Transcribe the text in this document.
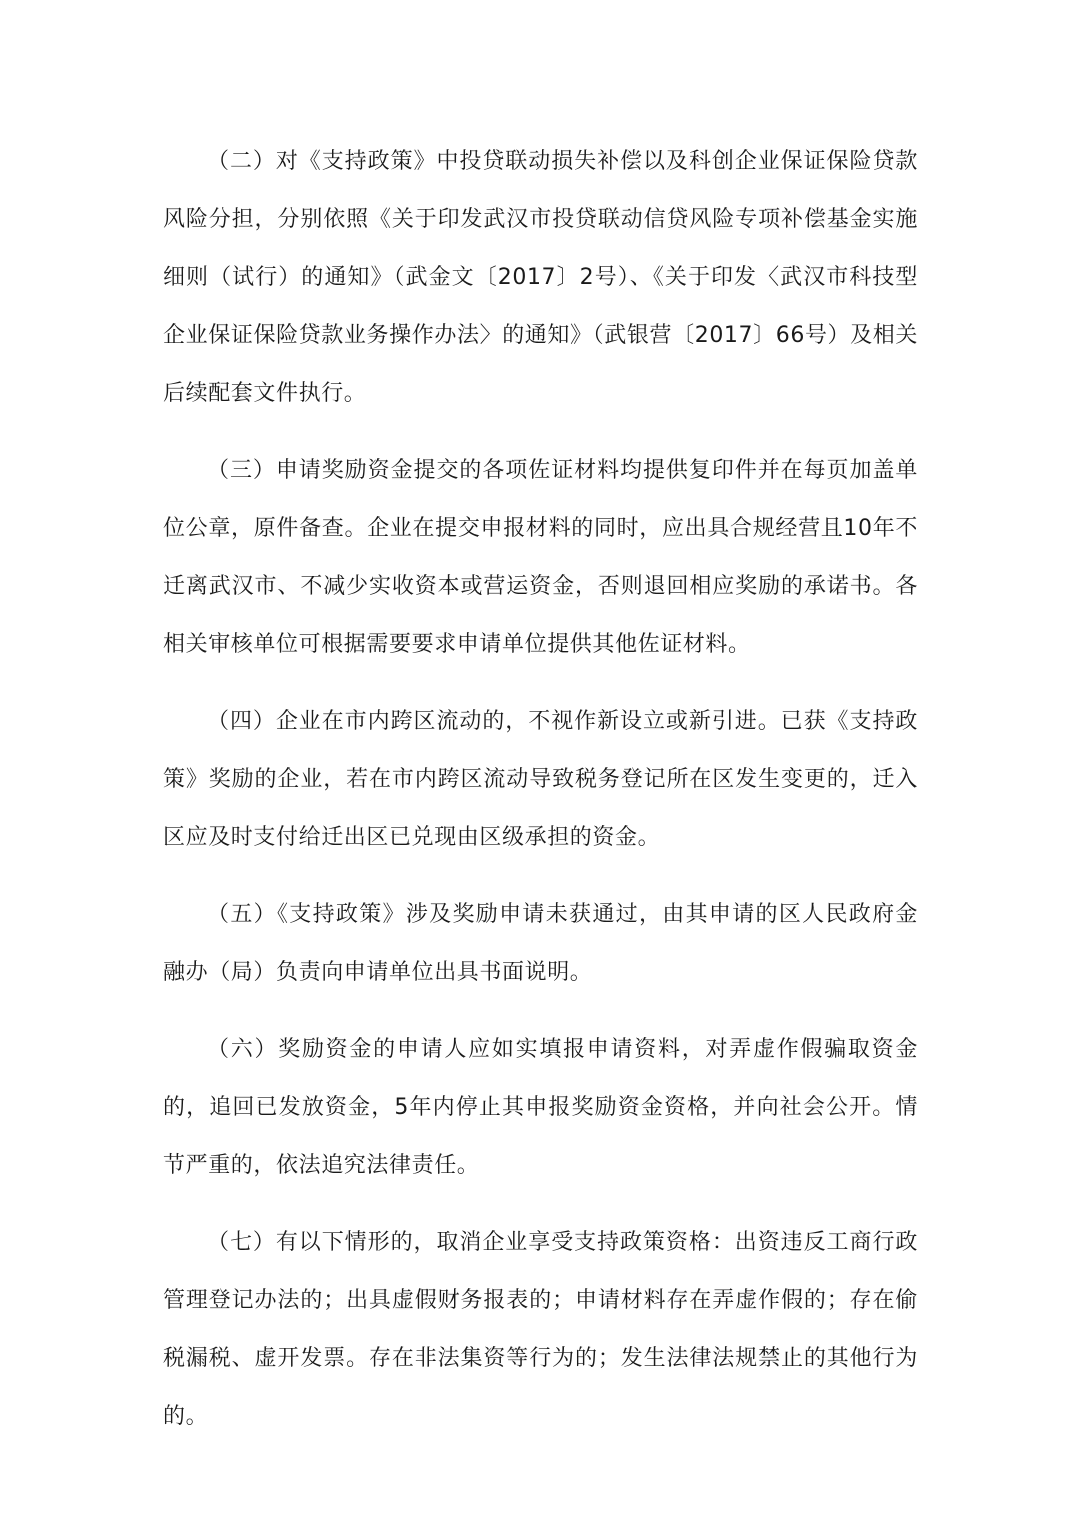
（二）对《支持政策》中投贷联动损失补偿以及科创企业保证保险贷款风险分担，分别依照《关于印发武汉市投贷联动信贷风险专项补偿基金实施细则（试行）的通知》（武金文〔2017〕2号）、《关于印发〈武汉市科技型企业保证保险贷款业务操作办法〉的通知》（武银营〔2017〕66号）及相关后续配套文件执行。

（三）申请奖励资金提交的各项佐证材料均提供复印件并在每页加盖单位公章，原件备查。企业在提交申报材料的同时，应出具合规经营且10年不迁离武汉市、不减少实收资本或营运资金，否则退回相应奖励的承诺书。各相关审核单位可根据需要要求申请单位提供其他佐证材料。

（四）企业在市内跨区流动的，不视作新设立或新引进。已获《支持政策》奖励的企业，若在市内跨区流动导致税务登记所在区发生变更的，迁入区应及时支付给迁出区已兑现由区级承担的资金。

（五）《支持政策》涉及奖励申请未获通过，由其申请的区人民政府金融办（局）负责向申请单位出具书面说明。

（六）奖励资金的申请人应如实填报申请资料，对弄虚作假骗取资金的，追回已发放资金，5年内停止其申报奖励资金资格，并向社会公开。情节严重的，依法追究法律责任。

（七）有以下情形的，取消企业享受支持政策资格：出资违反工商行政管理登记办法的；出具虚假财务报表的；申请材料存在弄虚作假的；存在偷税漏税、虚开发票。存在非法集资等行为的；发生法律法规禁止的其他行为的。
